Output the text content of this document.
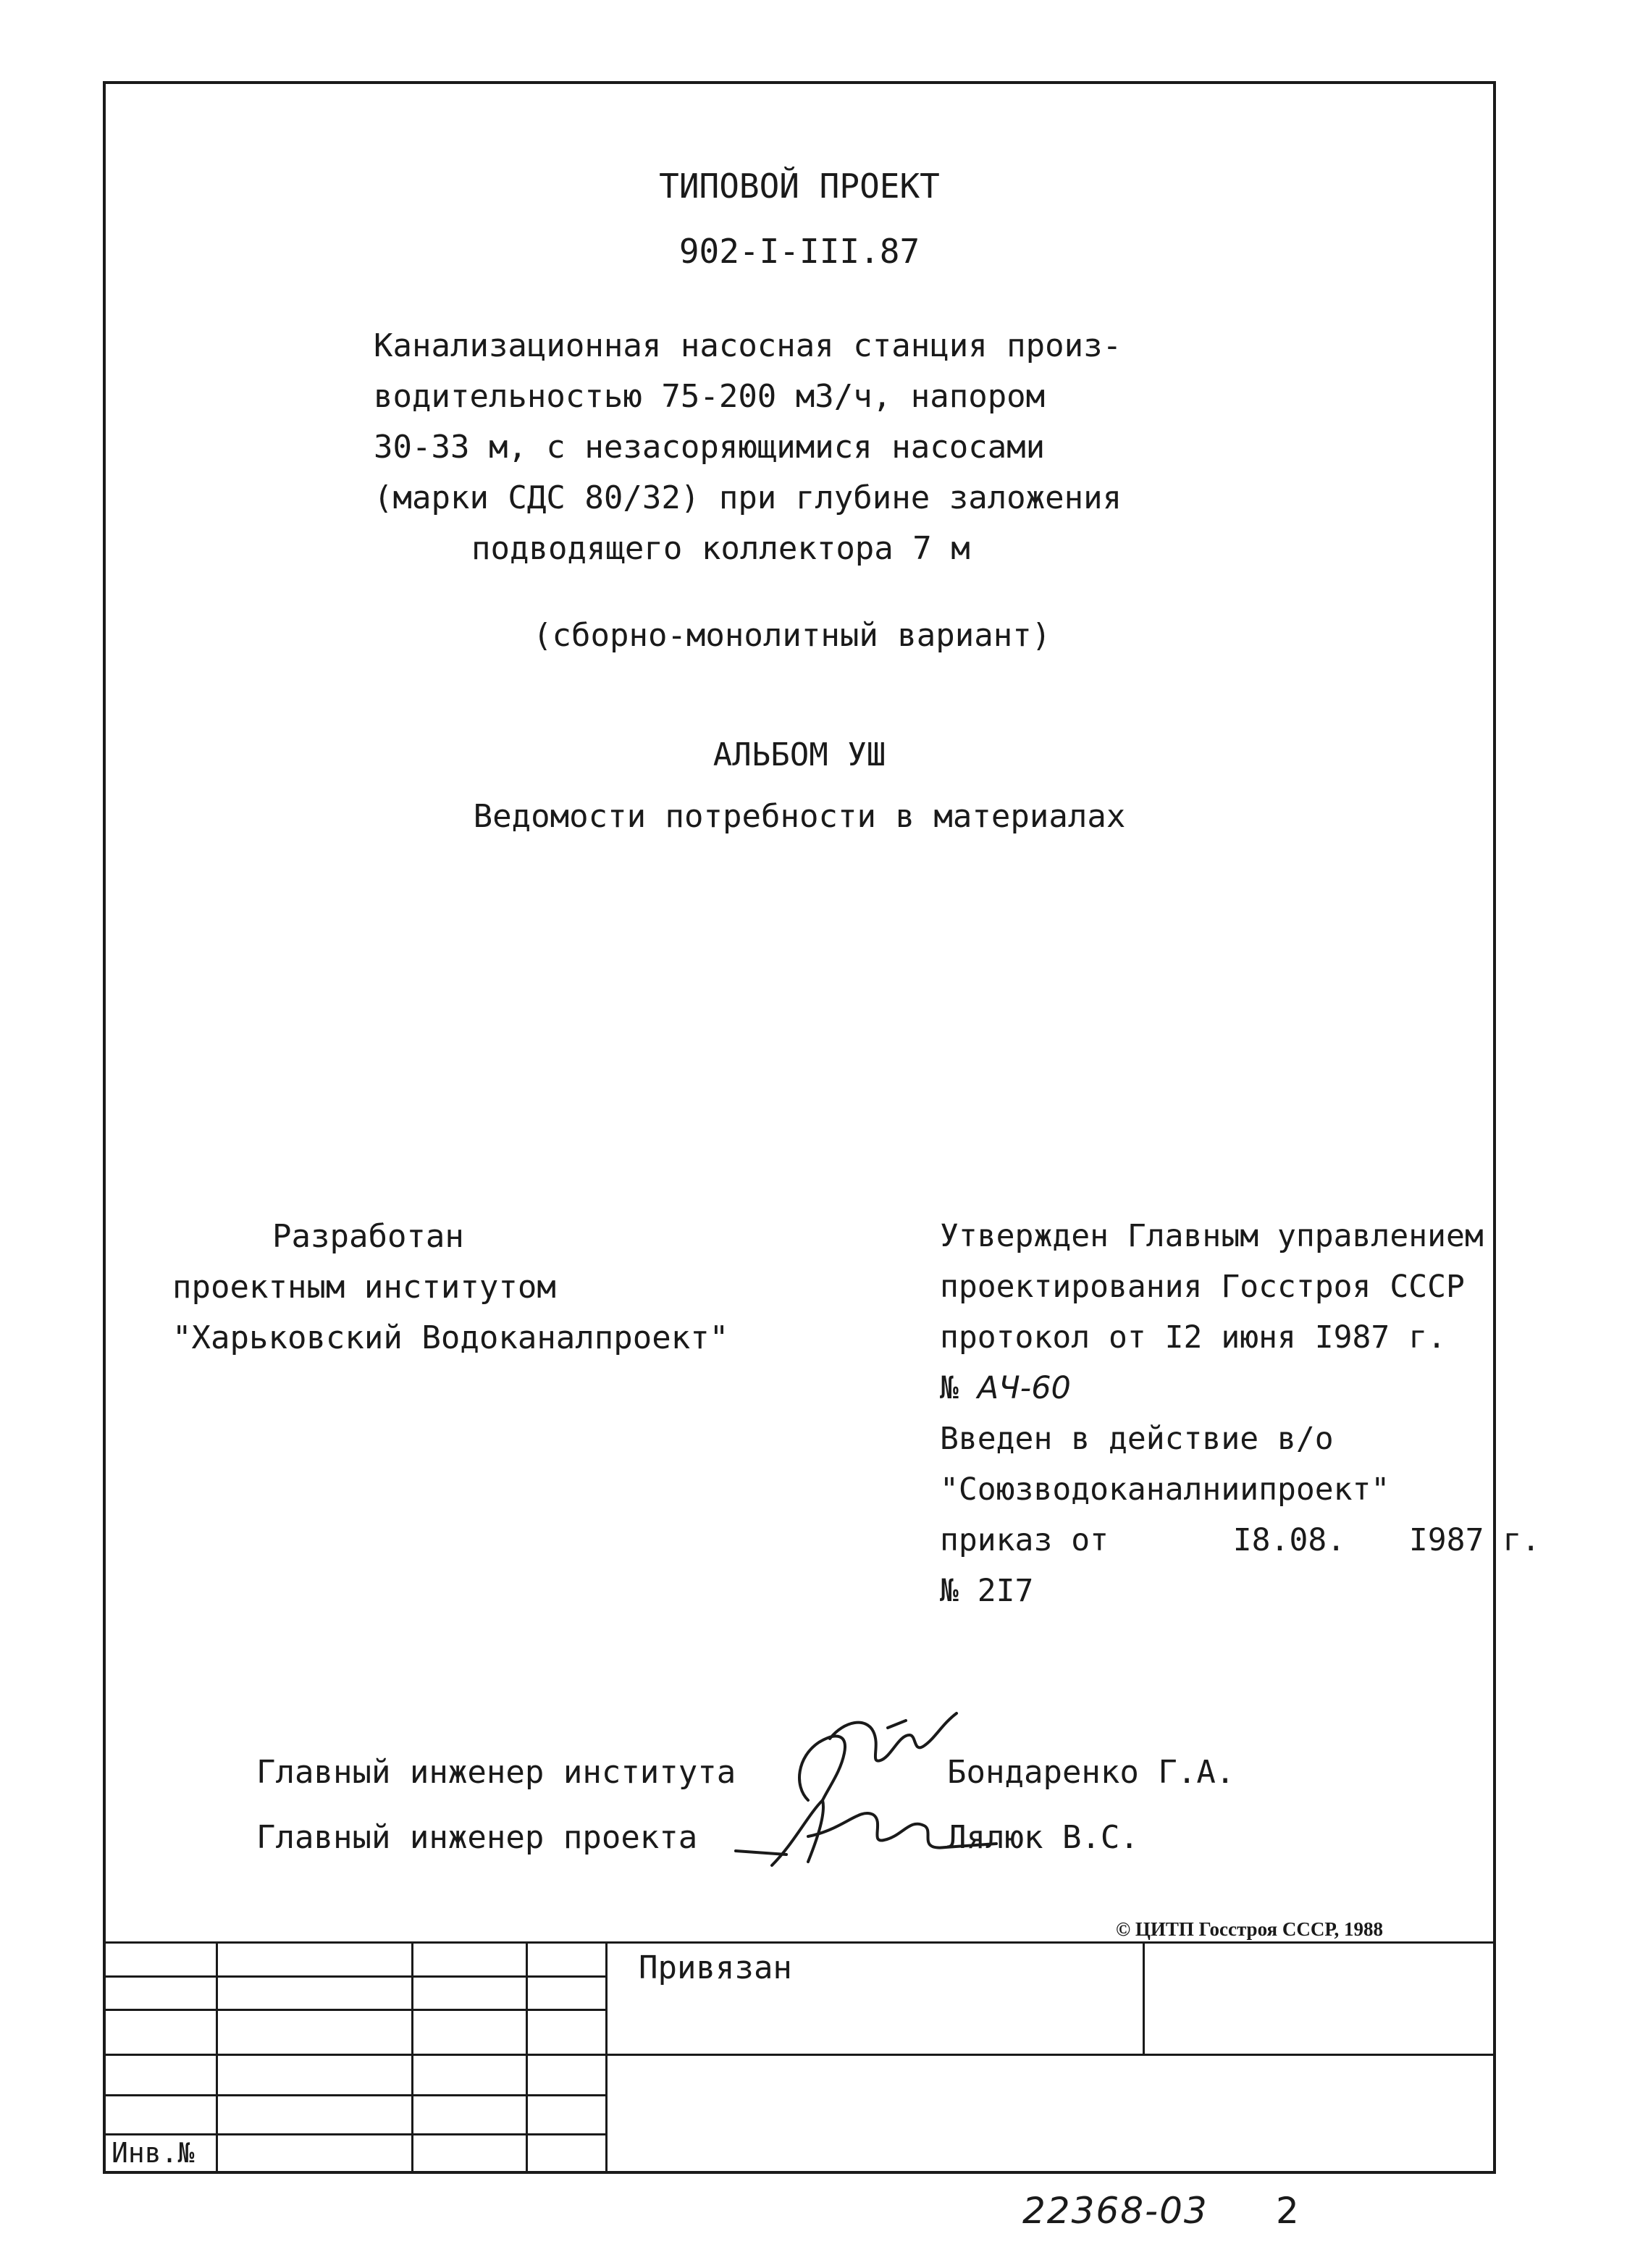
ТИПОВОЙ ПРОЕКТ
902-I-III.87
Канализационная насосная станция произ-
водительностью 75-200 м3/ч, напором
30-33 м, с незасоряющимися насосами
(марки СДС 80/32) при глубине заложения
подводящего коллектора 7 м
(сборно-монолитный вариант)
АЛЬБОМ УШ
Ведомости потребности в материалах
Разработан
проектным институтом
"Харьковский Водоканалпроект"
Утвержден Главным управлением
проектирования Госстроя СССР
протокол от I2 июня I987 г.
№ АЧ-60
Введен в действие в/о
"Союзводоканалниипроект"
приказ от	I8.08. I987 г.
№ 2I7
Главный инженер института	Бондаренко Г.А.
Главный инженер проекта	Лялюк В.С.
© ЦИТП Госстроя СССР, 1988
Привязан
Инв.№
22368-03 2
